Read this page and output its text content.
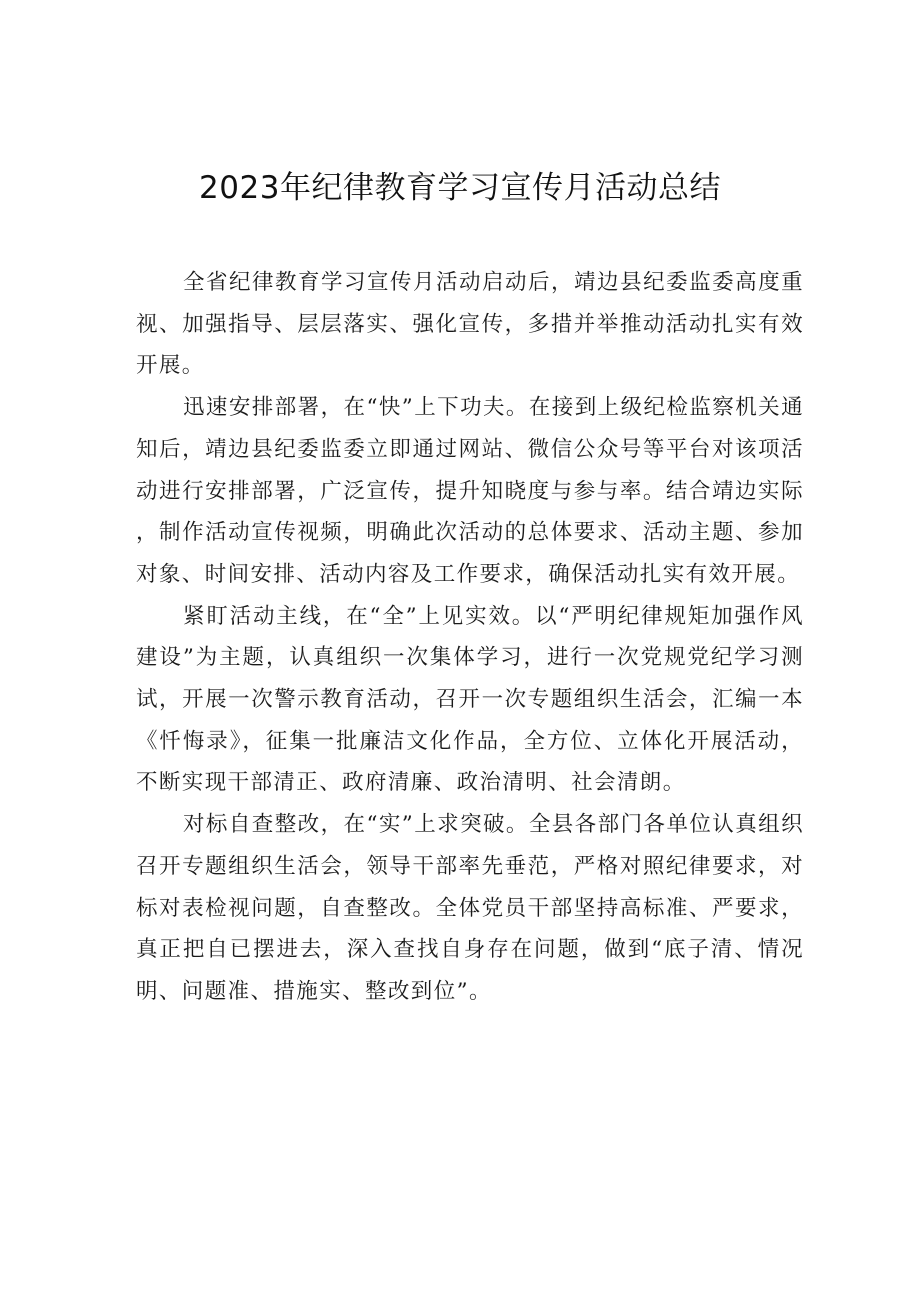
2023年纪律教育学习宣传月活动总结

全省纪律教育学习宣传月活动启动后，靖边县纪委监委高度重视、加强指导、层层落实、强化宣传，多措并举推动活动扎实有效开展。

迅速安排部署，在“快”上下功夫。在接到上级纪检监察机关通知后，靖边县纪委监委立即通过网站、微信公众号等平台对该项活动进行安排部署，广泛宣传，提升知晓度与参与率。结合靖边实际，制作活动宣传视频，明确此次活动的总体要求、活动主题、参加对象、时间安排、活动内容及工作要求，确保活动扎实有效开展。

紧盯活动主线，在“全”上见实效。以“严明纪律规矩加强作风建设”为主题，认真组织一次集体学习，进行一次党规党纪学习测试，开展一次警示教育活动，召开一次专题组织生活会，汇编一本《忏悔录》，征集一批廉洁文化作品，全方位、立体化开展活动，不断实现干部清正、政府清廉、政治清明、社会清朗。

对标自查整改，在“实”上求突破。全县各部门各单位认真组织召开专题组织生活会，领导干部率先垂范，严格对照纪律要求，对标对表检视问题，自查整改。全体党员干部坚持高标准、严要求，真正把自已摆进去，深入查找自身存在问题，做到“底子清、情况明、问题准、措施实、整改到位”。
